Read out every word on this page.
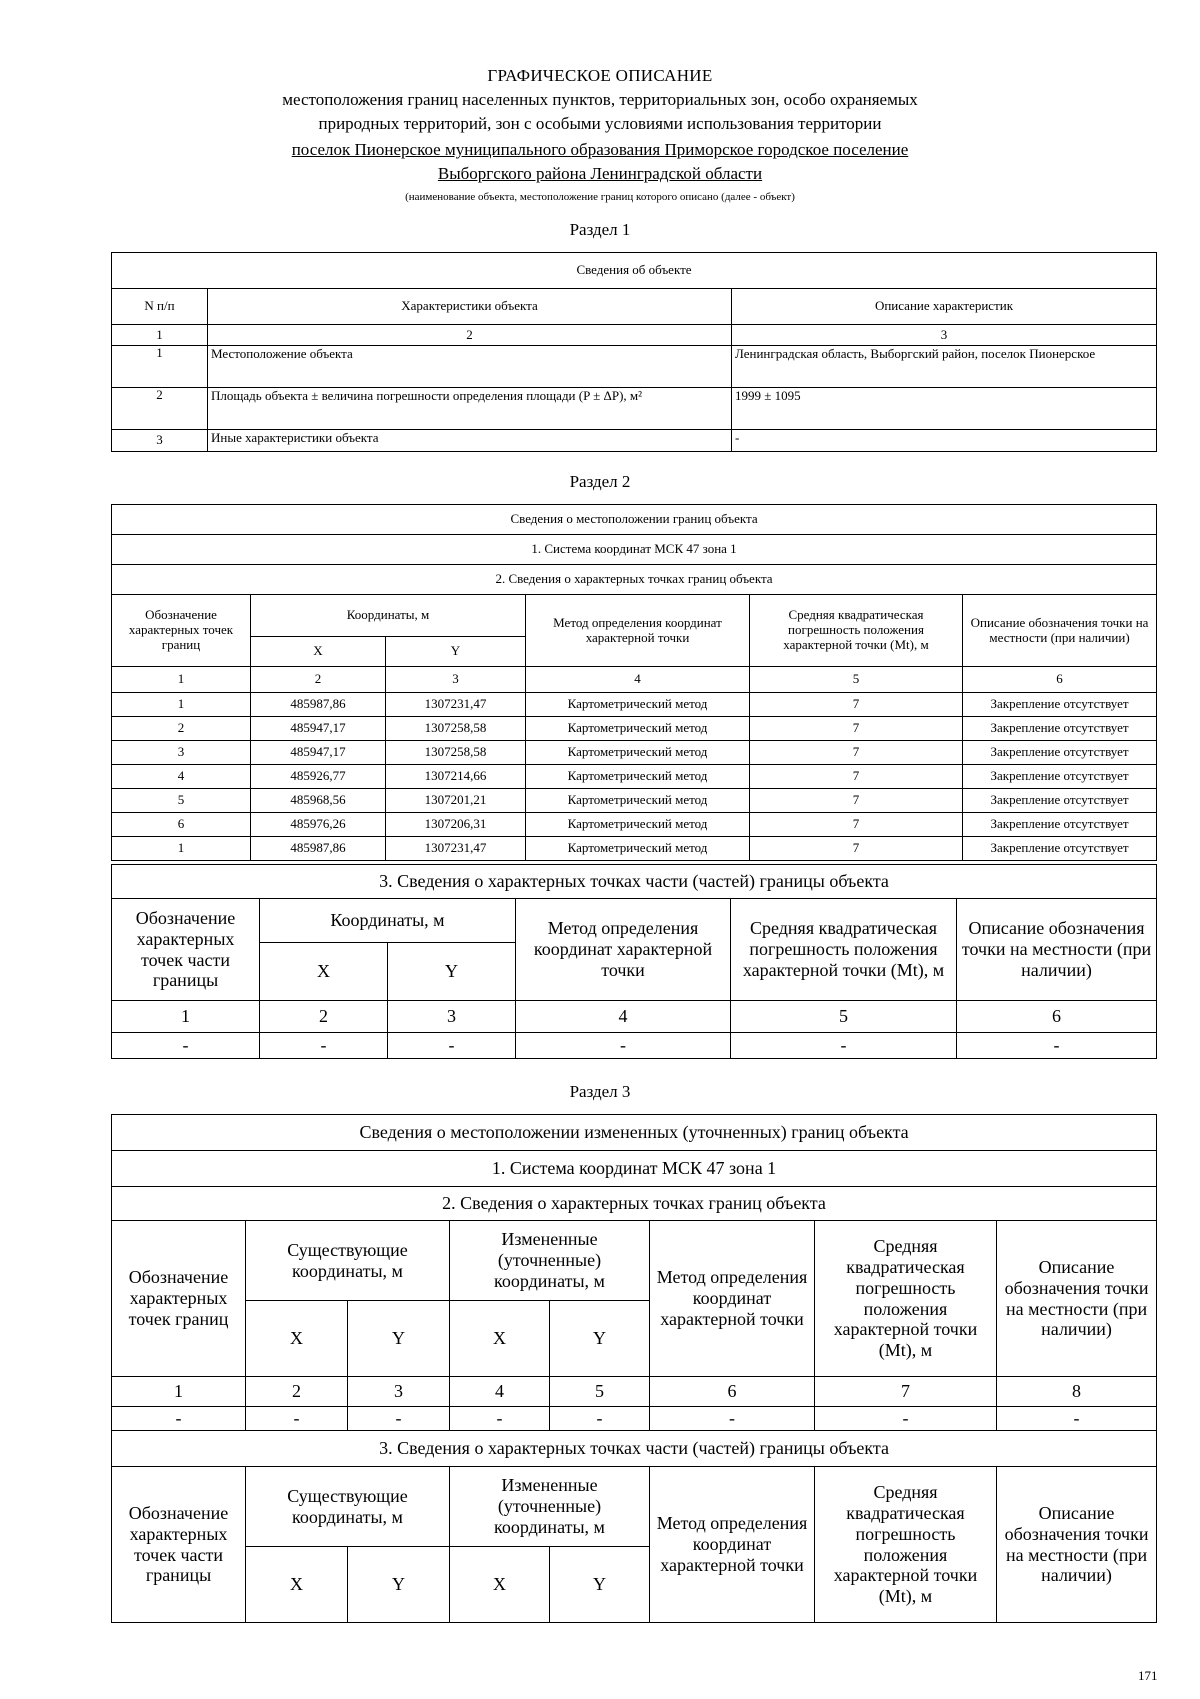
ГРАФИЧЕСКОЕ ОПИСАНИЕ
местоположения границ населенных пунктов, территориальных зон, особо охраняемых
природных территорий, зон с особыми условиями использования территории
поселок Пионерское муниципального образования Приморское городское поселение
Выборгского района Ленинградской области
(наименование объекта, местоположение границ которого описано (далее - объект)
Раздел 1
Сведения об объекте		
N п/п	Характеристики объекта	Описание характеристик
1	2	3
1	Местоположение объекта	Ленинградская область, Выборгский район, поселок Пионерское
2	Площадь объекта ± величина погрешности определения площади (P ± ΔP), м²	1999 ± 1095
3	Иные характеристики объекта	-
Раздел 2
Сведения о местоположении границ объекта					
1. Система координат МСК 47 зона 1					
2. Сведения о характерных точках границ объекта					
Обозначение характерных точек границ	Координаты, м		Метод определения координат характерной точки	Средняя квадратическая погрешность положения характерной точки (Mt), м	Описание обозначения точки на местности (при наличии)
	X	Y			
1	2	3	4	5	6
1	485987,86	1307231,47	Картометрический метод	7	Закрепление отсутствует
2	485947,17	1307258,58	Картометрический метод	7	Закрепление отсутствует
3	485947,17	1307258,58	Картометрический метод	7	Закрепление отсутствует
4	485926,77	1307214,66	Картометрический метод	7	Закрепление отсутствует
5	485968,56	1307201,21	Картометрический метод	7	Закрепление отсутствует
6	485976,26	1307206,31	Картометрический метод	7	Закрепление отсутствует
1	485987,86	1307231,47	Картометрический метод	7	Закрепление отсутствует
3. Сведения о характерных точках части (частей) границы объекта					
Обозначение характерных точек части границы	Координаты, м		Метод определения координат характерной точки	Средняя квадратическая погрешность положения характерной точки (Mt), м	Описание обозначения точки на местности (при наличии)
	X	Y			
1	2	3	4	5	6
-	-	-	-	-	-
Раздел 3
Сведения о местоположении измененных (уточненных) границ объекта							
1. Система координат МСК 47 зона 1							
2. Сведения о характерных точках границ объекта							
Обозначение характерных точек границ	Существующие координаты, м		Измененные (уточненные) координаты, м		Метод определения координат характерной точки	Средняя квадратическая погрешность положения характерной точки (Mt), м	Описание обозначения точки на местности (при наличии)
	X	Y	X	Y			
1	2	3	4	5	6	7	8
-	-	-	-	-	-	-	-
3. Сведения о характерных точках части (частей) границы объекта							
Обозначение характерных точек части границы	Существующие координаты, м		Измененные (уточненные) координаты, м		Метод определения координат характерной точки	Средняя квадратическая погрешность положения характерной точки (Mt), м	Описание обозначения точки на местности (при наличии)
	X	Y	X	Y			
171
